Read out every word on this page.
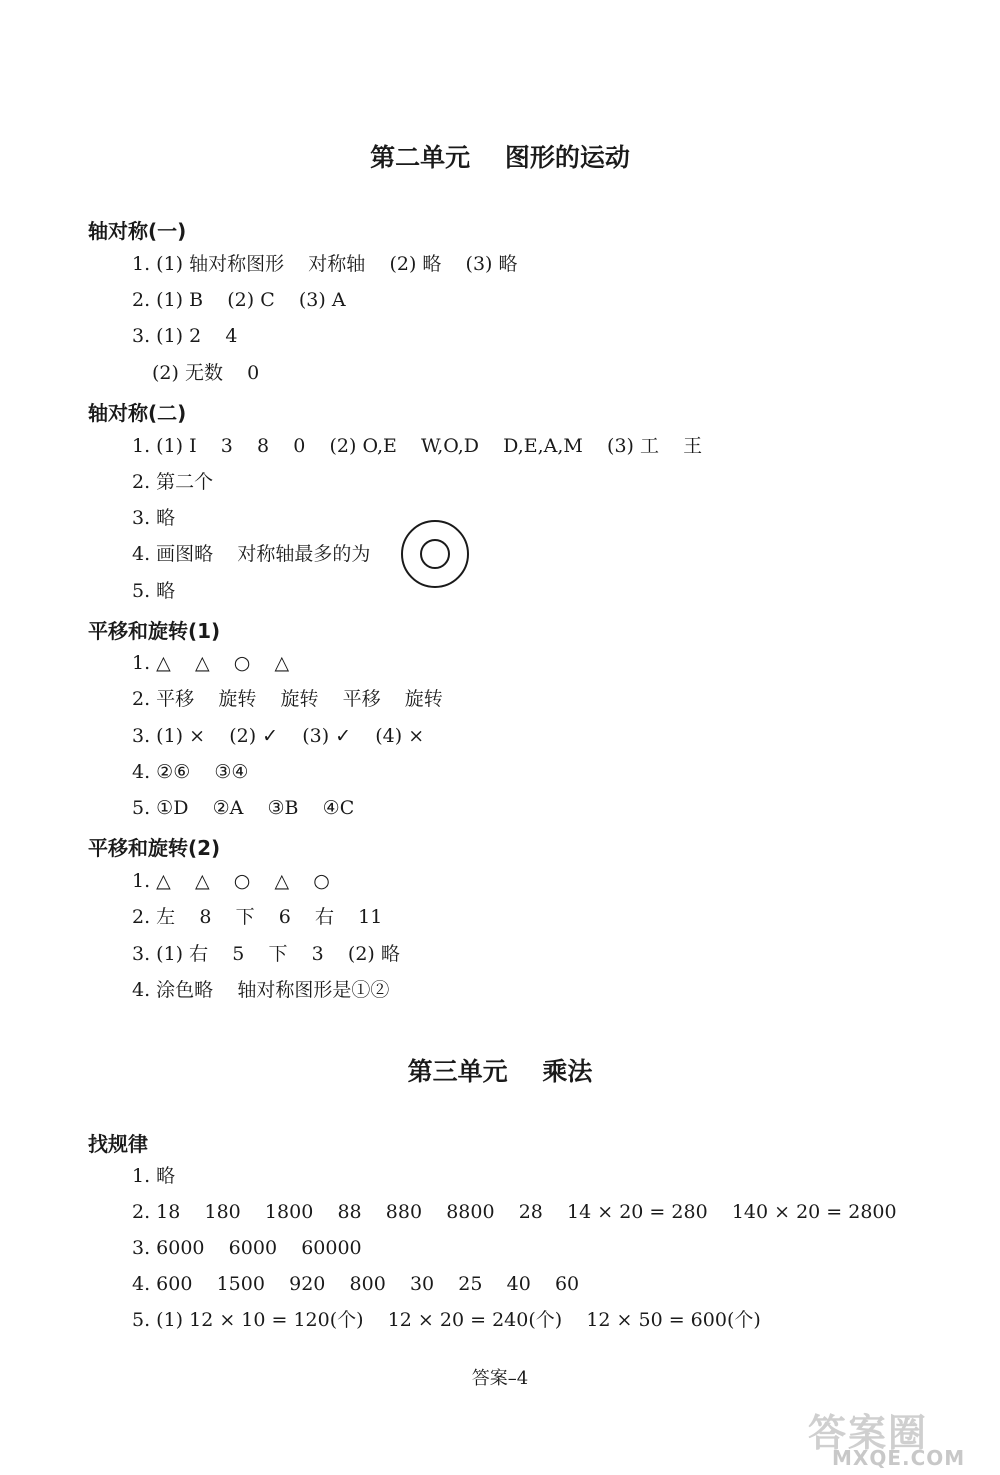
第二单元    图形的运动
轴对称(一)
1. (1) 轴对称图形    对称轴    (2) 略    (3) 略
2. (1) B    (2) C    (3) A
3. (1) 2    4
(2) 无数    0
轴对称(二)
1. (1) I    3    8    0    (2) O,E    W,O,D    D,E,A,M    (3) 工    王
2. 第二个
3. 略
4. 画图略    对称轴最多的为
5. 略
平移和旋转(1)
1. △    △    ○    △
2. 平移    旋转    旋转    平移    旋转
3. (1) ×    (2) ✓    (3) ✓    (4) ×
4. ②⑥    ③④
5. ①D    ②A    ③B    ④C
平移和旋转(2)
1. △    △    ○    △    ○
2. 左    8    下    6    右    11
3. (1) 右    5    下    3    (2) 略
4. 涂色略    轴对称图形是①②
第三单元    乘法
找规律
1. 略
2. 18    180    1800    88    880    8800    28    14 × 20 = 280    140 × 20 = 2800
3. 6000    6000    60000
4. 600    1500    920    800    30    25    40    60
5. (1) 12 × 10 = 120(个)    12 × 20 = 240(个)    12 × 50 = 600(个)
答案–4
答案圈
MXQE.COM
